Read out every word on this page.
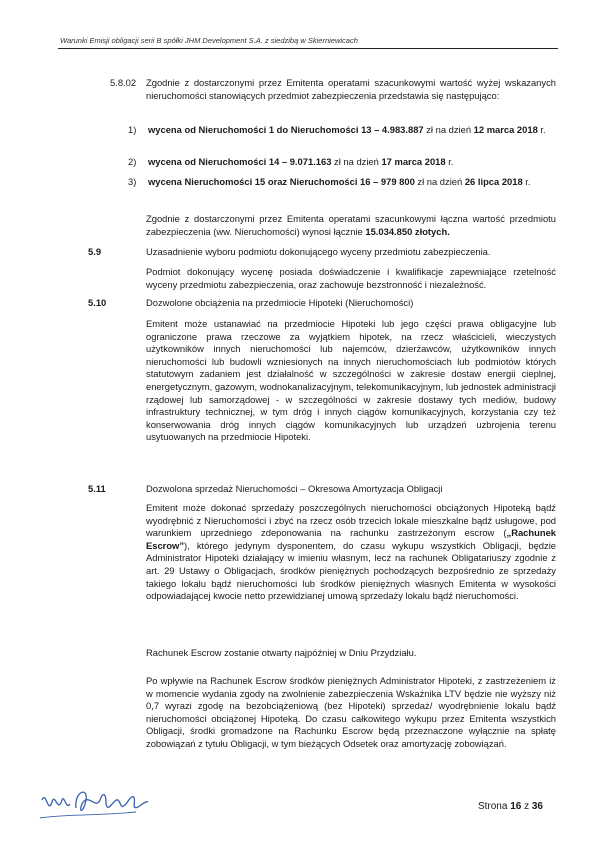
Warunki Emisji obligacji serii B spółki JHM Development S.A. z siedzibą w Skierniewicach
5.8.02 Zgodnie z dostarczonymi przez Emitenta operatami szacunkowymi wartość wyżej wskazanych nieruchomości stanowiących przedmiot zabezpieczenia przedstawia się następująco:
1) wycena od Nieruchomości 1 do Nieruchomości 13 – 4.983.887 zł na dzień 12 marca 2018 r.
2) wycena od Nieruchomości 14 – 9.071.163 zł na dzień 17 marca 2018 r.
3) wycena Nieruchomości 15 oraz Nieruchomości 16 – 979 800 zł na dzień 26 lipca 2018 r.
Zgodnie z dostarczonymi przez Emitenta operatami szacunkowymi łączna wartość przedmiotu zabezpieczenia (ww. Nieruchomości) wynosi łącznie 15.034.850 złotych.
5.9	Uzasadnienie wyboru podmiotu dokonującego wyceny przedmiotu zabezpieczenia.
Podmiot dokonujący wycenę posiada doświadczenie i kwalifikacje zapewniające rzetelność wyceny przedmiotu zabezpieczenia, oraz zachowuje bezstronność i niezależność.
5.10	Dozwolone obciążenia na przedmiocie Hipoteki (Nieruchomości)
Emitent może ustanawiać na przedmiocie Hipoteki lub jego części prawa obligacyjne lub ograniczone prawa rzeczowe za wyjątkiem hipotek, na rzecz właścicieli, wieczystych użytkowników innych nieruchomości lub najemców, dzierżawców, użytkowników innych nieruchomości lub budowli wzniesionych na innych nieruchomościach lub podmiotów których statutowym zadaniem jest działalność w szczególności w zakresie dostaw energii cieplnej, energetycznym, gazowym, wodnokanalizacyjnym, telekomunikacyjnym, lub jednostek administracji rządowej lub samorządowej - w szczególności w zakresie dostawy tych mediów, budowy infrastruktury technicznej, w tym dróg i innych ciągów komunikacyjnych, korzystania czy też konserwowania dróg innych ciągów komunikacyjnych lub urządzeń uzbrojenia terenu usytuowanych na przedmiocie Hipoteki.
5.11	Dozwolona sprzedaż Nieruchomości – Okresowa Amortyzacja Obligacji
Emitent może dokonać sprzedaży poszczególnych nieruchomości obciążonych Hipoteką bądź wyodrębnić z Nieruchomości i zbyć na rzecz osób trzecich lokale mieszkalne bądź usługowe, pod warunkiem uprzedniego zdeponowania na rachunku zastrzeżonym escrow („Rachunek Escrow”), którego jedynym dysponentem, do czasu wykupu wszystkich Obligacji, będzie Administrator Hipoteki działający w imieniu własnym, lecz na rachunek Obligatariuszy zgodnie z art. 29 Ustawy o Obligacjach, środków pieniężnych pochodzących bezpośrednio ze sprzedaży takiego lokalu bądź nieruchomości lub środków pieniężnych własnych Emitenta w wysokości odpowiadającej kwocie netto przewidzianej umową sprzedaży lokalu bądź nieruchomości.
Rachunek Escrow zostanie otwarty najpóźniej w Dniu Przydziału.
Po wpływie na Rachunek Escrow środków pieniężnych Administrator Hipoteki, z zastrzeżeniem iż w momencie wydania zgody na zwolnienie zabezpieczenia Wskaźnika LTV będzie nie wyższy niż 0,7 wyrazi zgodę na bezobciążeniową (bez Hipoteki) sprzedaż/ wyodrębnienie lokalu bądź nieruchomości obciążonej Hipoteką. Do czasu całkowitego wykupu przez Emitenta wszystkich Obligacji, środki gromadzone na Rachunku Escrow będą przeznaczone wyłącznie na spłatę zobowiązań z tytułu Obligacji, w tym bieżących Odsetek oraz amortyzację zobowiązań.
Strona 16 z 36
